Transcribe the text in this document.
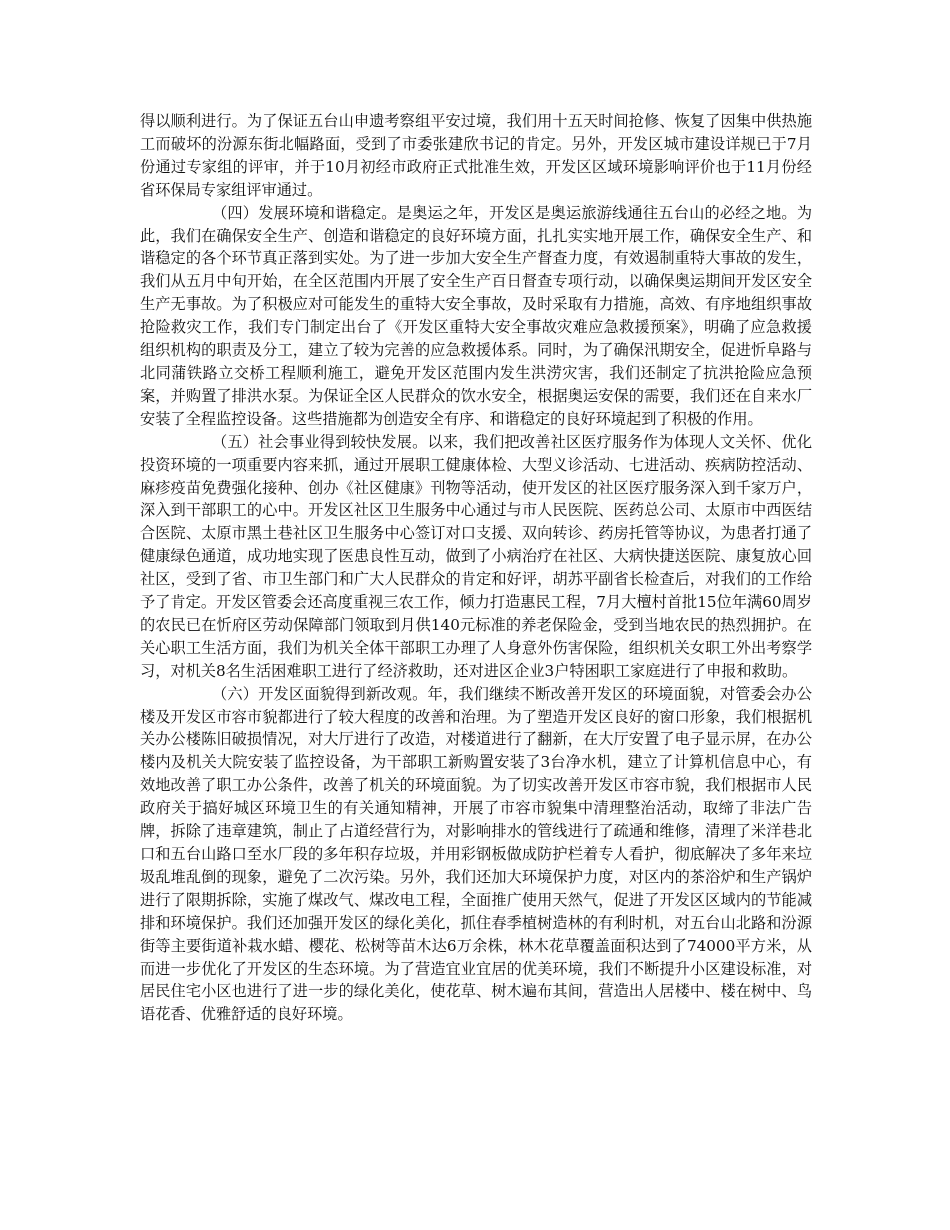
得以顺利进行。为了保证五台山申遗考察组平安过境，我们用十五天时间抢修、恢复了因集中供热施工而破坏的汾源东街北幅路面，受到了市委张建欣书记的肯定。另外，开发区城市建设详规已于7月份通过专家组的评审，并于10月初经市政府正式批准生效，开发区区域环境影响评价也于11月份经省环保局专家组评审通过。

（四）发展环境和谐稳定。是奥运之年，开发区是奥运旅游线通往五台山的必经之地。为此，我们在确保安全生产、创造和谐稳定的良好环境方面，扎扎实实地开展工作，确保安全生产、和谐稳定的各个环节真正落到实处。为了进一步加大安全生产督查力度，有效遏制重特大事故的发生，我们从五月中旬开始，在全区范围内开展了安全生产百日督查专项行动，以确保奥运期间开发区安全生产无事故。为了积极应对可能发生的重特大安全事故，及时采取有力措施，高效、有序地组织事故抢险救灾工作，我们专门制定出台了《开发区重特大安全事故灾难应急救援预案》，明确了应急救援组织机构的职责及分工，建立了较为完善的应急救援体系。同时，为了确保汛期安全，促进忻阜路与北同蒲铁路立交桥工程顺利施工，避免开发区范围内发生洪涝灾害，我们还制定了抗洪抢险应急预案，并购置了排洪水泵。为保证全区人民群众的饮水安全，根据奥运安保的需要，我们还在自来水厂安装了全程监控设备。这些措施都为创造安全有序、和谐稳定的良好环境起到了积极的作用。

（五）社会事业得到较快发展。以来，我们把改善社区医疗服务作为体现人文关怀、优化投资环境的一项重要内容来抓，通过开展职工健康体检、大型义诊活动、七进活动、疾病防控活动、麻疹疫苗免费强化接种、创办《社区健康》刊物等活动，使开发区的社区医疗服务深入到千家万户，深入到干部职工的心中。开发区社区卫生服务中心通过与市人民医院、医药总公司、太原市中西医结合医院、太原市黑土巷社区卫生服务中心签订对口支援、双向转诊、药房托管等协议，为患者打通了健康绿色通道，成功地实现了医患良性互动，做到了小病治疗在社区、大病快捷送医院、康复放心回社区，受到了省、市卫生部门和广大人民群众的肯定和好评，胡苏平副省长检查后，对我们的工作给予了肯定。开发区管委会还高度重视三农工作，倾力打造惠民工程，7月大檀村首批15位年满60周岁的农民已在忻府区劳动保障部门领取到月供140元标准的养老保险金，受到当地农民的热烈拥护。在关心职工生活方面，我们为机关全体干部职工办理了人身意外伤害保险，组织机关女职工外出考察学习，对机关8名生活困难职工进行了经济救助，还对进区企业3户特困职工家庭进行了申报和救助。

（六）开发区面貌得到新改观。年，我们继续不断改善开发区的环境面貌，对管委会办公楼及开发区市容市貌都进行了较大程度的改善和治理。为了塑造开发区良好的窗口形象，我们根据机关办公楼陈旧破损情况，对大厅进行了改造，对楼道进行了翻新，在大厅安置了电子显示屏，在办公楼内及机关大院安装了监控设备，为干部职工新购置安装了3台净水机，建立了计算机信息中心，有效地改善了职工办公条件，改善了机关的环境面貌。为了切实改善开发区市容市貌，我们根据市人民政府关于搞好城区环境卫生的有关通知精神，开展了市容市貌集中清理整治活动，取缔了非法广告牌，拆除了违章建筑，制止了占道经营行为，对影响排水的管线进行了疏通和维修，清理了米洋巷北口和五台山路口至水厂段的多年积存垃圾，并用彩钢板做成防护栏着专人看护，彻底解决了多年来垃圾乱堆乱倒的现象，避免了二次污染。另外，我们还加大环境保护力度，对区内的茶浴炉和生产锅炉进行了限期拆除，实施了煤改气、煤改电工程，全面推广使用天然气，促进了开发区区域内的节能减排和环境保护。我们还加强开发区的绿化美化，抓住春季植树造林的有利时机，对五台山北路和汾源街等主要街道补栽水蜡、樱花、松树等苗木达6万余株，林木花草覆盖面积达到了74000平方米，从而进一步优化了开发区的生态环境。为了营造宜业宜居的优美环境，我们不断提升小区建设标准，对居民住宅小区也进行了进一步的绿化美化，使花草、树木遍布其间，营造出人居楼中、楼在树中、鸟语花香、优雅舒适的良好环境。
